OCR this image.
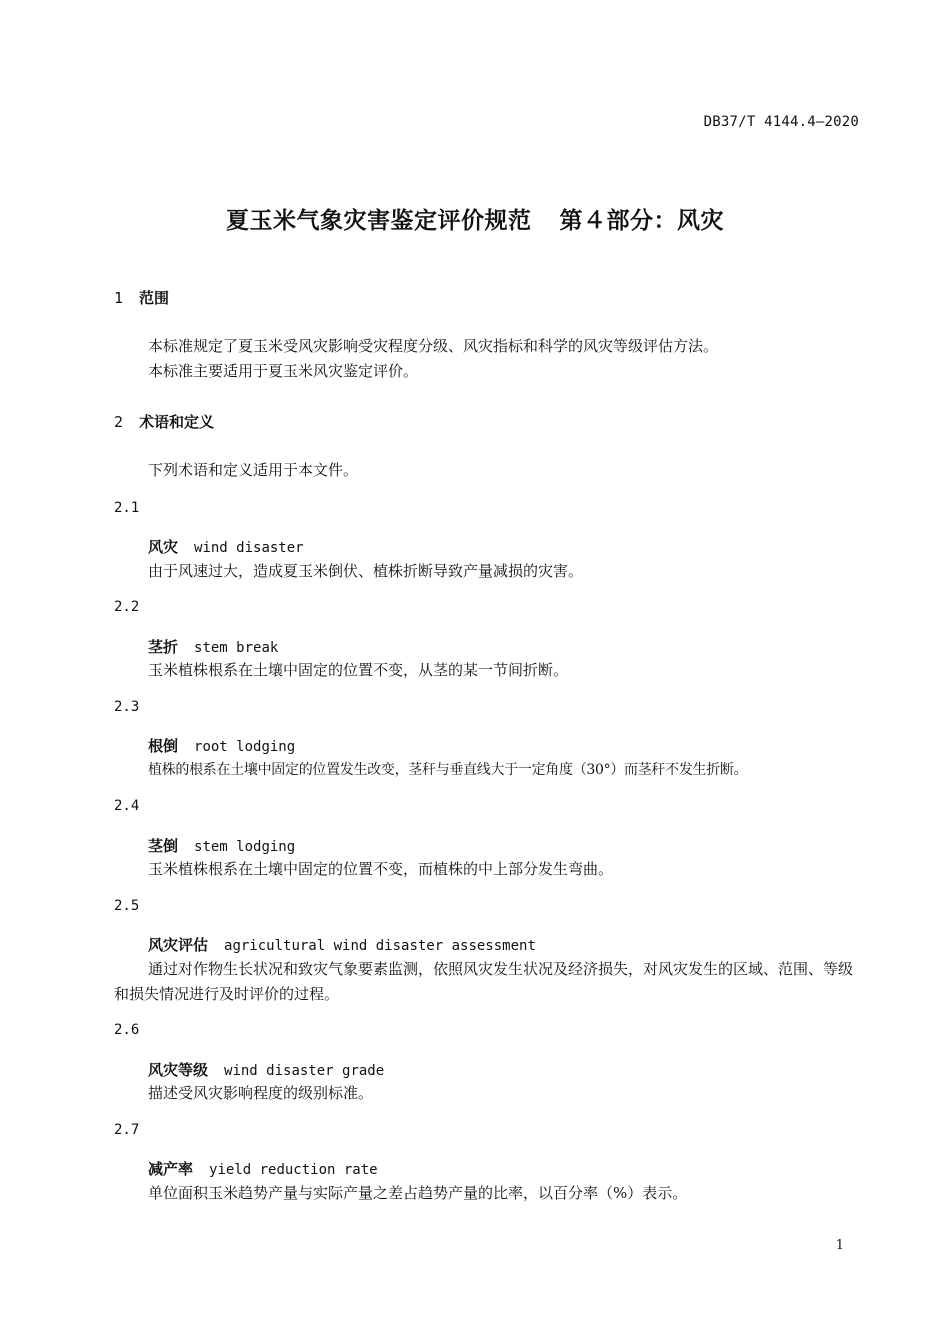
DB37/T 4144.4—2020
夏玉米气象灾害鉴定评价规范 第４部分：风灾
1 范围
本标准规定了夏玉米受风灾影响受灾程度分级、风灾指标和科学的风灾等级评估方法。
本标准主要适用于夏玉米风灾鉴定评价。
2 术语和定义
下列术语和定义适用于本文件。
2.1
风灾 wind disaster
由于风速过大，造成夏玉米倒伏、植株折断导致产量减损的灾害。
2.2
茎折 stem break
玉米植株根系在土壤中固定的位置不变，从茎的某一节间折断。
2.3
根倒 root lodging
植株的根系在土壤中固定的位置发生改变，茎秆与垂直线大于一定角度（30°）而茎秆不发生折断。
2.4
茎倒 stem lodging
玉米植株根系在土壤中固定的位置不变，而植株的中上部分发生弯曲。
2.5
风灾评估 agricultural wind disaster assessment
通过对作物生长状况和致灾气象要素监测，依照风灾发生状况及经济损失，对风灾发生的区域、范围、等级和损失情况进行及时评价的过程。
2.6
风灾等级 wind disaster grade
描述受风灾影响程度的级别标准。
2.7
减产率 yield reduction rate
单位面积玉米趋势产量与实际产量之差占趋势产量的比率，以百分率（%）表示。
1
